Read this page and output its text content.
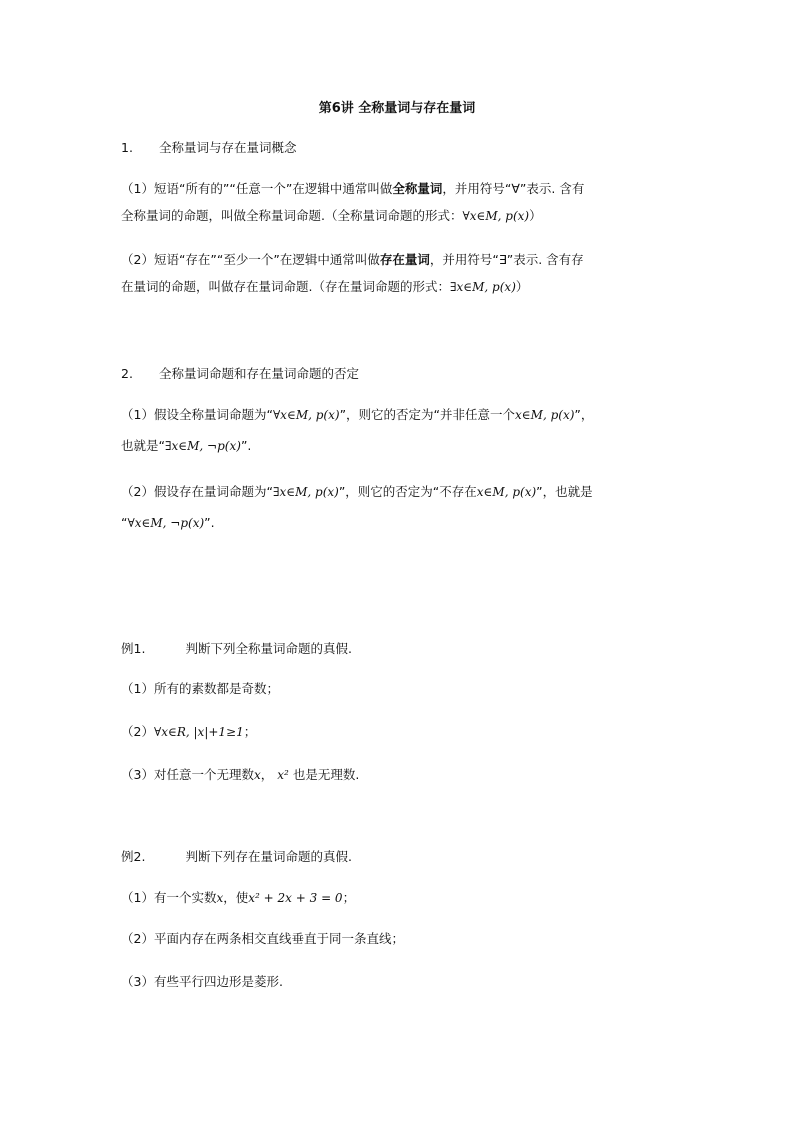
第6讲 全称量词与存在量词
1. 全称量词与存在量词概念
（1）短语“所有的”“任意一个”在逻辑中通常叫做全称量词，并用符号“∀”表示. 含有
全称量词的命题，叫做全称量词命题.（全称量词命题的形式：∀x∈M, p(x)）
（2）短语“存在”“至少一个”在逻辑中通常叫做存在量词，并用符号“∃”表示. 含有存
在量词的命题，叫做存在量词命题.（存在量词命题的形式：∃x∈M, p(x)）
2. 全称量词命题和存在量词命题的否定
（1）假设全称量词命题为“∀x∈M, p(x)”，则它的否定为“并非任意一个x∈M, p(x)”，
也就是“∃x∈M, ¬p(x)”.
（2）假设存在量词命题为“∃x∈M, p(x)”，则它的否定为“不存在x∈M, p(x)”，也就是
“∀x∈M, ¬p(x)”.
例1.	判断下列全称量词命题的真假.
（1）所有的素数都是奇数；
（2）∀x∈R, |x|+1≥1；
（3）对任意一个无理数x， x² 也是无理数.
例2.	判断下列存在量词命题的真假.
（1）有一个实数x，使x² + 2x + 3 = 0；
（2）平面内存在两条相交直线垂直于同一条直线；
（3）有些平行四边形是菱形.
